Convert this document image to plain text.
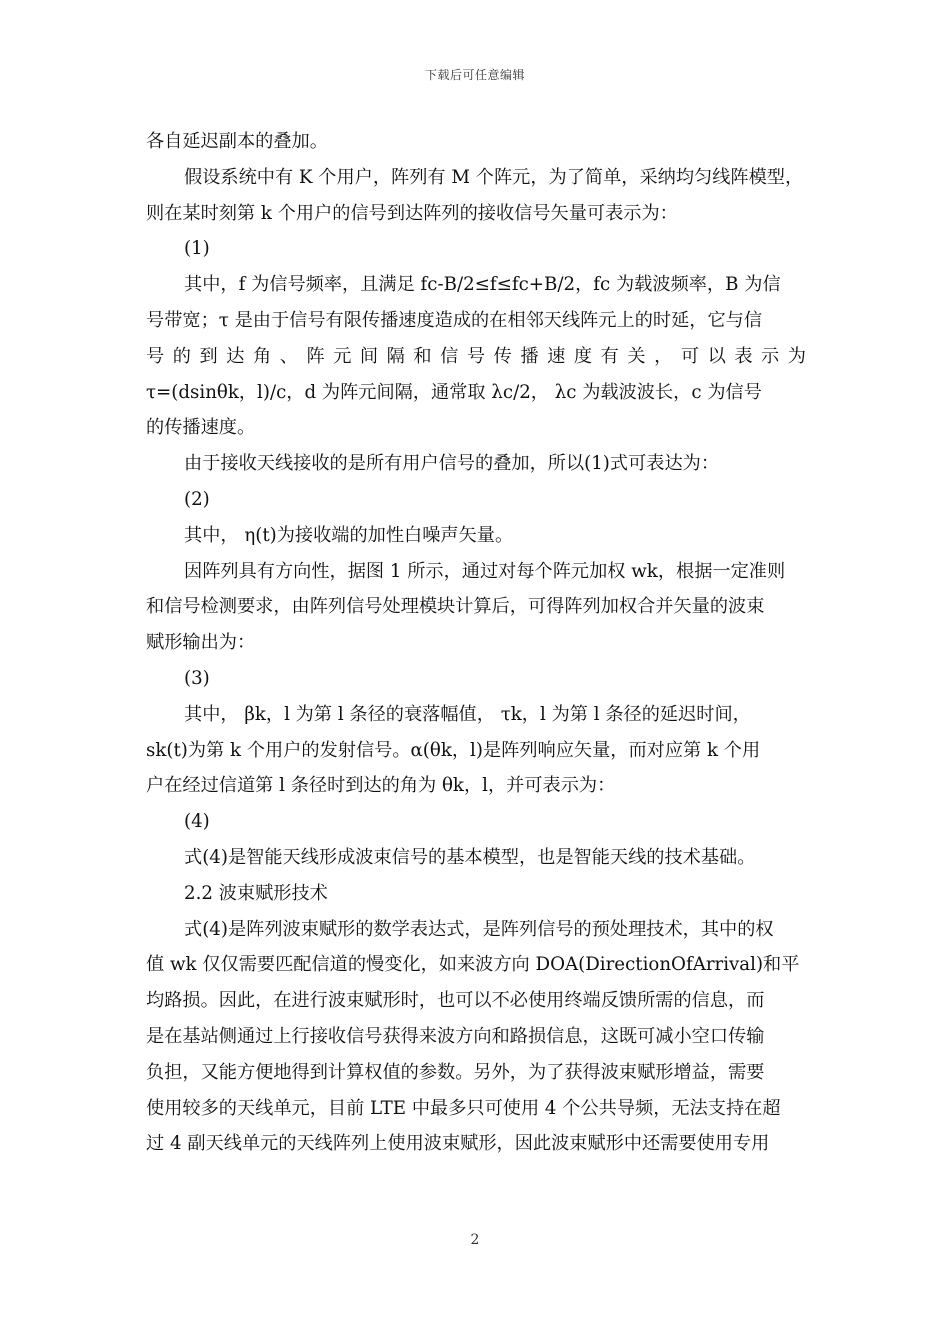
下载后可任意编辑
各自延迟副本的叠加。
假设系统中有 K 个用户，阵列有 M 个阵元，为了简单，采纳均匀线阵模型，
则在某时刻第 k 个用户的信号到达阵列的接收信号矢量可表示为：
(1)
其中，f 为信号频率，且满足 fc-B/2≤f≤fc+B/2，fc 为载波频率，B 为信
号带宽；τ 是由于信号有限传播速度造成的在相邻天线阵元上的时延，它与信
号 的 到 达 角 、 阵 元 间 隔 和 信 号 传 播 速 度 有 关 ， 可 以 表 示 为
τ=(dsinθk，l)/c，d 为阵元间隔，通常取 λc/2， λc 为载波波长，c 为信号
的传播速度。
由于接收天线接收的是所有用户信号的叠加，所以(1)式可表达为：
(2)
其中， η(t)为接收端的加性白噪声矢量。
因阵列具有方向性，据图 1 所示，通过对每个阵元加权 wk，根据一定准则
和信号检测要求，由阵列信号处理模块计算后，可得阵列加权合并矢量的波束
赋形输出为：
(3)
其中， βk，l 为第 l 条径的衰落幅值， τk，l 为第 l 条径的延迟时间，
sk(t)为第 k 个用户的发射信号。α(θk，l)是阵列响应矢量，而对应第 k 个用
户在经过信道第 l 条径时到达的角为 θk，l，并可表示为：
(4)
式(4)是智能天线形成波束信号的基本模型，也是智能天线的技术基础。
2.2 波束赋形技术
式(4)是阵列波束赋形的数学表达式，是阵列信号的预处理技术，其中的权
值 wk 仅仅需要匹配信道的慢变化，如来波方向 DOA(DirectionOfArrival)和平
均路损。因此，在进行波束赋形时，也可以不必使用终端反馈所需的信息，而
是在基站侧通过上行接收信号获得来波方向和路损信息，这既可减小空口传输
负担，又能方便地得到计算权值的参数。另外，为了获得波束赋形增益，需要
使用较多的天线单元，目前 LTE 中最多只可使用 4 个公共导频，无法支持在超
过 4 副天线单元的天线阵列上使用波束赋形，因此波束赋形中还需要使用专用
2
